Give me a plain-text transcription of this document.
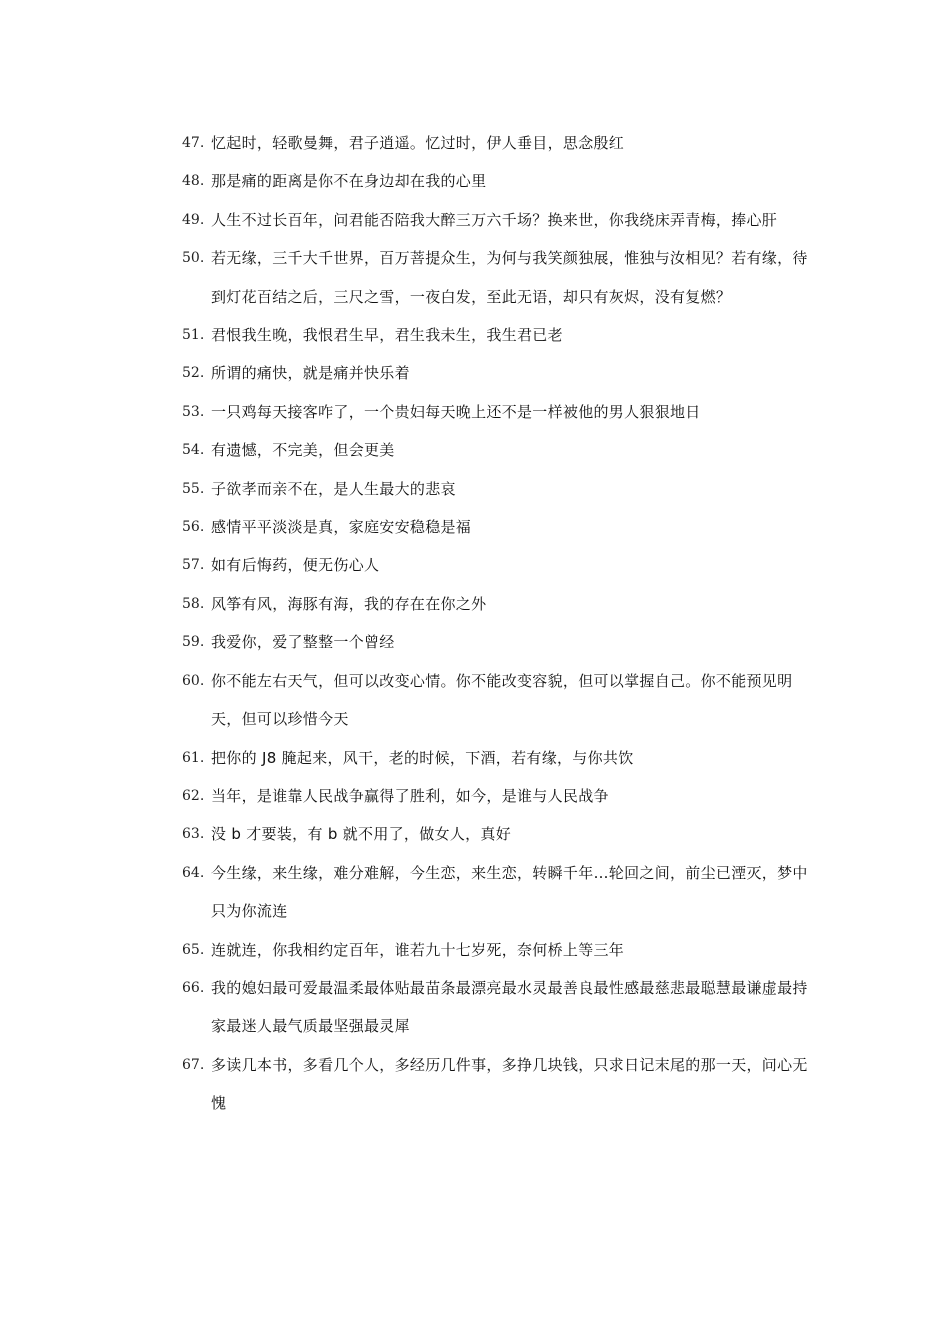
47. 忆起时，轻歌曼舞，君子逍遥。忆过时，伊人垂目，思念殷红
48. 那是痛的距离是你不在身边却在我的心里
49. 人生不过长百年，问君能否陪我大醉三万六千场？换来世，你我绕床弄青梅，捧心肝
50. 若无缘，三千大千世界，百万菩提众生，为何与我笑颜独展，惟独与汝相见？若有缘，待到灯花百结之后，三尺之雪，一夜白发，至此无语，却只有灰烬，没有复燃？
51. 君恨我生晚，我恨君生早，君生我未生，我生君已老
52. 所谓的痛快，就是痛并快乐着
53. 一只鸡每天接客咋了，一个贵妇每天晚上还不是一样被他的男人狠狠地日
54. 有遗憾，不完美，但会更美
55. 子欲孝而亲不在，是人生最大的悲哀
56. 感情平平淡淡是真，家庭安安稳稳是福
57. 如有后悔药，便无伤心人
58. 风筝有风，海豚有海，我的存在在你之外
59. 我爱你，爱了整整一个曾经
60. 你不能左右天气，但可以改变心情。你不能改变容貌，但可以掌握自己。你不能预见明天，但可以珍惜今天
61. 把你的 J8 腌起来，风干，老的时候，下酒，若有缘，与你共饮
62. 当年，是谁靠人民战争赢得了胜利，如今，是谁与人民战争
63. 没 b 才要装，有 b 就不用了，做女人，真好
64. 今生缘，来生缘，难分难解，今生恋，来生恋，转瞬千年…轮回之间，前尘已湮灭，梦中只为你流连
65. 连就连，你我相约定百年，谁若九十七岁死，奈何桥上等三年
66. 我的媳妇最可爱最温柔最体贴最苗条最漂亮最水灵最善良最性感最慈悲最聪慧最谦虚最持家最迷人最气质最坚强最灵犀
67. 多读几本书，多看几个人，多经历几件事，多挣几块钱，只求日记末尾的那一天，问心无愧
